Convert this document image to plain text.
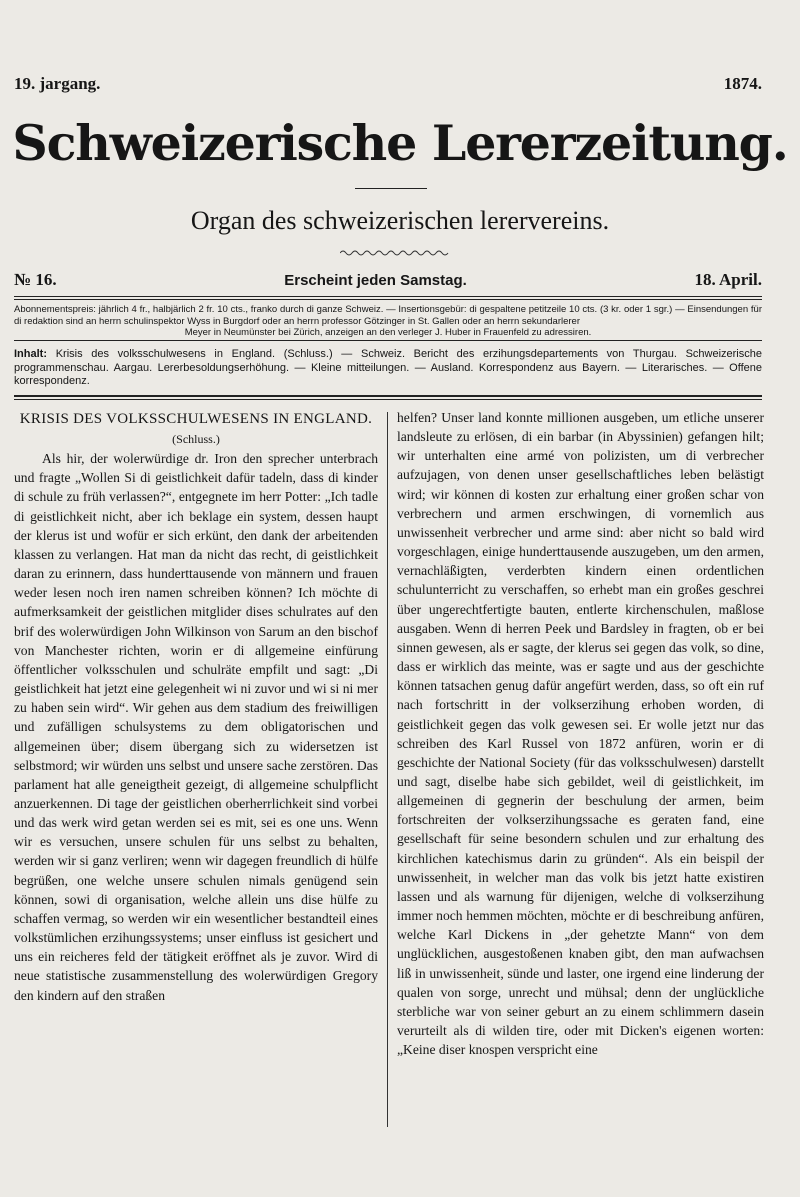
19. jargang.	1874.
Schweizerische Lererzeitung.
Organ des schweizerischen lerervereins.
№ 16.	Erscheint jeden Samstag.	18. April.
Abonnementspreis: jährlich 4 fr., halbjärlich 2 fr. 10 cts., franko durch di ganze Schweiz. — Insertionsgebür: di gespaltene petitzeile 10 cts. (3 kr. oder 1 sgr.) — Einsendungen für di redaktion sind an herrn schulinspektor Wyss in Burgdorf oder an herrn professor Götzinger in St. Gallen oder an herrn sekundarlerer
Meyer in Neumünster bei Zürich, anzeigen an den verleger J. Huber in Frauenfeld zu adressiren.
Inhalt: Krisis des volksschulwesens in England. (Schluss.) — Schweiz. Bericht des erzihungsdepartements von Thurgau. Schweizerische programmenschau. Aargau. Lererbesoldungserhöhung. — Kleine mitteilungen. — Ausland. Korrespondenz aus Bayern. — Literarisches. — Offene korrespondenz.

KRISIS DES VOLKSSCHULWESENS IN ENGLAND.

(Schluss.)

Als hir, der wolerwürdige dr. Iron den sprecher unterbrach und fragte „Wollen Si di geistlichkeit dafür tadeln, dass di kinder di schule zu früh verlassen?“, entgegnete im herr Potter: „Ich tadle di geistlichkeit nicht, aber ich beklage ein system, dessen haupt der klerus ist und wofür er sich erkünt, den dank der arbeitenden klassen zu verlangen. Hat man da nicht das recht, di geistlichkeit daran zu erinnern, dass hunderttausende von männern und frauen weder lesen noch iren namen schreiben können? Ich möchte di aufmerksamkeit der geistlichen mitglider dises schulrates auf den brif des wolerwürdigen John Wilkinson von Sarum an den bischof von Manchester richten, worin er di allgemeine einfürung öffentlicher volksschulen und schulräte empfilt und sagt: „Di geistlichkeit hat jetzt eine gelegenheit wi ni zuvor und wi si ni mer zu haben sein wird“. Wir gehen aus dem stadium des freiwilligen und zufälligen schulsystems zu dem obligatorischen und allgemeinen über; disem übergang sich zu widersetzen ist selbstmord; wir würden uns selbst und unsere sache zerstören. Das parlament hat alle geneigtheit gezeigt, di allgemeine schulpflicht anzuerkennen. Di tage der geistlichen oberherrlichkeit sind vorbei und das werk wird getan werden sei es mit, sei es one uns. Wenn wir es versuchen, unsere schulen für uns selbst zu behalten, werden wir si ganz verliren; wenn wir dagegen freundlich di hülfe begrüßen, one welche unsere schulen nimals genügend sein können, sowi di organisation, welche allein uns dise hülfe zu schaffen vermag, so werden wir ein wesentlicher bestandteil eines volkstümlichen erzihungssystems; unser einfluss ist gesichert und uns ein reicheres feld der tätigkeit eröffnet als je zuvor. Wird di neue statistische zusammenstellung des wolerwürdigen Gregory den kindern auf den straßen

helfen? Unser land konnte millionen ausgeben, um etliche unserer landsleute zu erlösen, di ein barbar (in Abyssinien) gefangen hilt; wir unterhalten eine armé von polizisten, um di verbrecher aufzujagen, von denen unser gesellschaftliches leben belästigt wird; wir können di kosten zur erhaltung einer großen schar von verbrechern und armen erschwingen, di vornemlich aus unwissenheit verbrecher und arme sind: aber nicht so bald wird vorgeschlagen, einige hunderttausende auszugeben, um den armen, vernachläßigten, verderbten kindern einen ordentlichen schulunterricht zu verschaffen, so erhebt man ein großes geschrei über ungerechtfertigte bauten, entlerte kirchenschulen, maßlose ausgaben. Wenn di herren Peek und Bardsley in fragten, ob er bei sinnen gewesen, als er sagte, der klerus sei gegen das volk, so dine, dass er wirklich das meinte, was er sagte und aus der geschichte können tatsachen genug dafür angefürt werden, dass, so oft ein ruf nach fortschritt in der volkserzihung erhoben worden, di geistlichkeit gegen das volk gewesen sei. Er wolle jetzt nur das schreiben des Karl Russel von 1872 anfüren, worin er di geschichte der National Society (für das volksschulwesen) darstellt und sagt, diselbe habe sich gebildet, weil di geistlichkeit, im allgemeinen di gegnerin der beschulung der armen, beim fortschreiten der volkserzihungssache es geraten fand, eine gesellschaft für seine besondern schulen und zur erhaltung des kirchlichen katechismus darin zu gründen“. Als ein beispil der unwissenheit, in welcher man das volk bis jetzt hatte existiren lassen und als warnung für dijenigen, welche di volkserzihung immer noch hemmen möchten, möchte er di beschreibung anfüren, welche Karl Dickens in „der gehetzte Mann“ von dem unglücklichen, ausgestoßenen knaben gibt, den man aufwachsen liß in unwissenheit, sünde und laster, one irgend eine linderung der qualen von sorge, unrecht und mühsal; denn der unglückliche sterbliche war von seiner geburt an zu einem schlimmern dasein verurteilt als di wilden tire, oder mit Dicken's eigenen worten: „Keine diser knospen verspricht eine
